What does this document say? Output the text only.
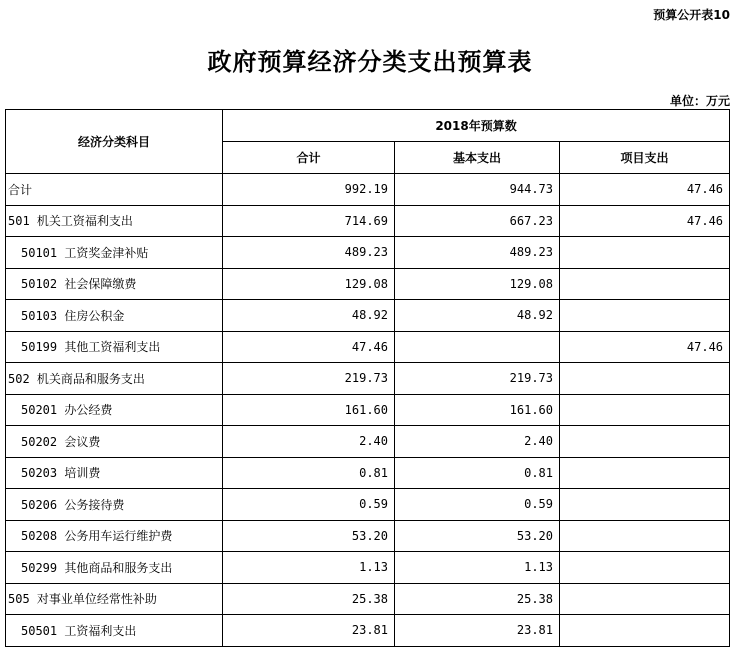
预算公开表10
政府预算经济分类支出预算表
单位：万元
经济分类科目	2018年预算数		
	合计	基本支出	项目支出
合计	992.19	944.73	47.46
501 机关工资福利支出	714.69	667.23	47.46
50101 工资奖金津补贴	489.23	489.23	
50102 社会保障缴费	129.08	129.08	
50103 住房公积金	48.92	48.92	
50199 其他工资福利支出	47.46		47.46
502 机关商品和服务支出	219.73	219.73	
50201 办公经费	161.60	161.60	
50202 会议费	2.40	2.40	
50203 培训费	0.81	0.81	
50206 公务接待费	0.59	0.59	
50208 公务用车运行维护费	53.20	53.20	
50299 其他商品和服务支出	1.13	1.13	
505 对事业单位经常性补助	25.38	25.38	
50501 工资福利支出	23.81	23.81	
